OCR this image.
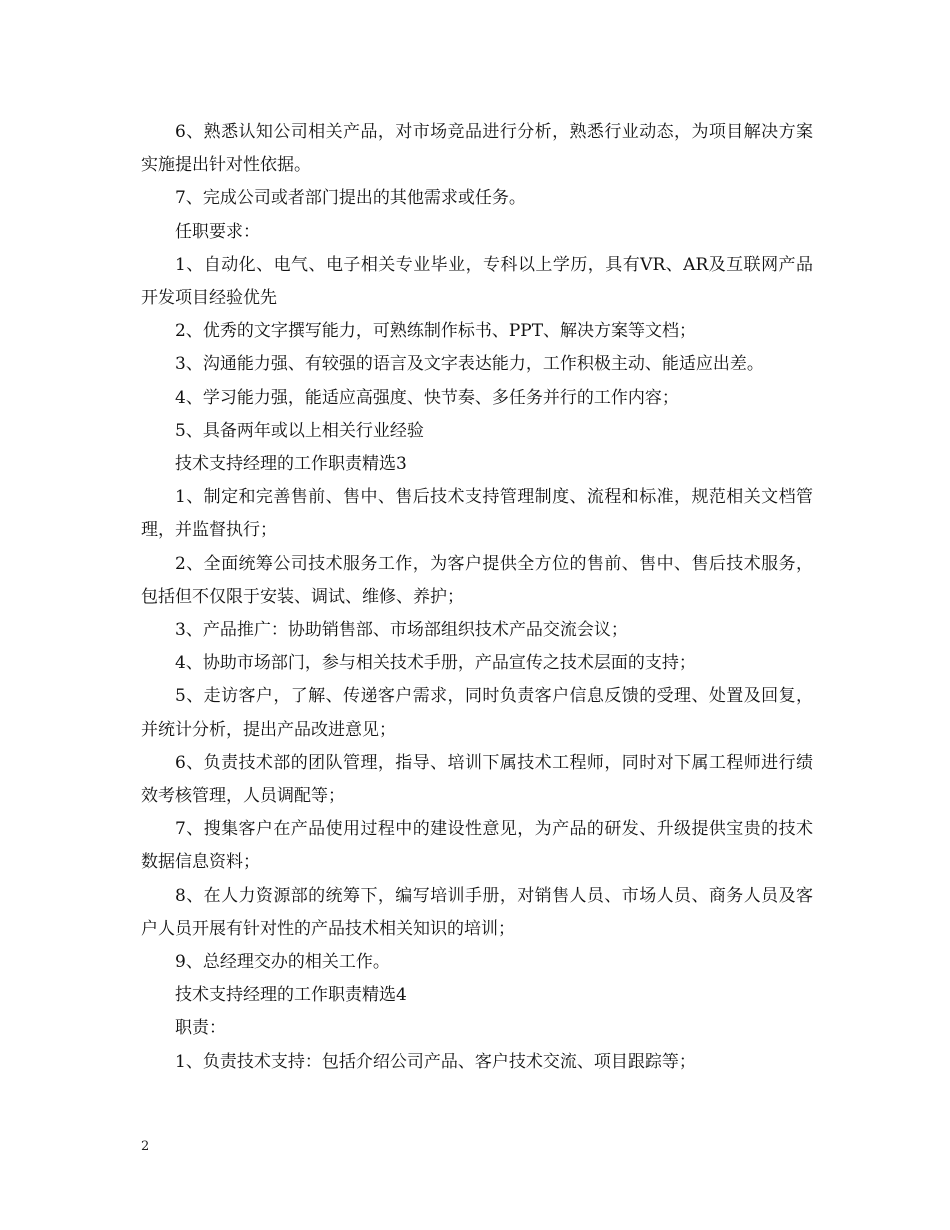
6、熟悉认知公司相关产品，对市场竞品进行分析，熟悉行业动态，为项目解决方案实施提出针对性依据。

7、完成公司或者部门提出的其他需求或任务。

任职要求：

1、自动化、电气、电子相关专业毕业，专科以上学历，具有VR、AR及互联网产品开发项目经验优先

2、优秀的文字撰写能力，可熟练制作标书、PPT、解决方案等文档；

3、沟通能力强、有较强的语言及文字表达能力，工作积极主动、能适应出差。

4、学习能力强，能适应高强度、快节奏、多任务并行的工作内容；

5、具备两年或以上相关行业经验

技术支持经理的工作职责精选3

1、制定和完善售前、售中、售后技术支持管理制度、流程和标准，规范相关文档管理，并监督执行；

2、全面统筹公司技术服务工作，为客户提供全方位的售前、售中、售后技术服务，包括但不仅限于安装、调试、维修、养护；

3、产品推广：协助销售部、市场部组织技术产品交流会议；

4、协助市场部门，参与相关技术手册，产品宣传之技术层面的支持；

5、走访客户，了解、传递客户需求，同时负责客户信息反馈的受理、处置及回复，并统计分析，提出产品改进意见；

6、负责技术部的团队管理，指导、培训下属技术工程师，同时对下属工程师进行绩效考核管理，人员调配等；

7、搜集客户在产品使用过程中的建设性意见，为产品的研发、升级提供宝贵的技术数据信息资料；

8、在人力资源部的统筹下，编写培训手册，对销售人员、市场人员、商务人员及客户人员开展有针对性的产品技术相关知识的培训；

9、总经理交办的相关工作。

技术支持经理的工作职责精选4

职责：

1、负责技术支持：包括介绍公司产品、客户技术交流、项目跟踪等；

2
